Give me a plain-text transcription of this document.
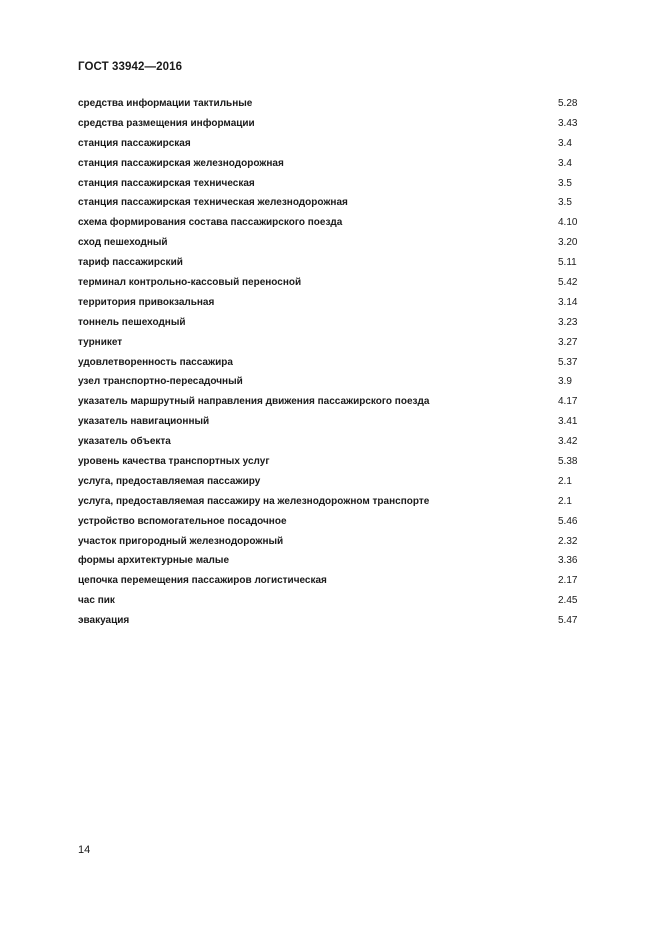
ГОСТ 33942—2016
средства информации тактильные	5.28
средства размещения информации	3.43
станция пассажирская	3.4
станция пассажирская железнодорожная	3.4
станция пассажирская техническая	3.5
станция пассажирская техническая железнодорожная	3.5
схема формирования состава пассажирского поезда	4.10
сход пешеходный	3.20
тариф пассажирский	5.11
терминал контрольно-кассовый переносной	5.42
территория привокзальная	3.14
тоннель пешеходный	3.23
турникет	3.27
удовлетворенность пассажира	5.37
узел транспортно-пересадочный	3.9
указатель маршрутный направления движения пассажирского поезда	4.17
указатель навигационный	3.41
указатель объекта	3.42
уровень качества транспортных услуг	5.38
услуга, предоставляемая пассажиру	2.1
услуга, предоставляемая пассажиру на железнодорожном транспорте	2.1
устройство вспомогательное посадочное	5.46
участок пригородный железнодорожный	2.32
формы архитектурные малые	3.36
цепочка перемещения пассажиров логистическая	2.17
час пик	2.45
эвакуация	5.47
14
